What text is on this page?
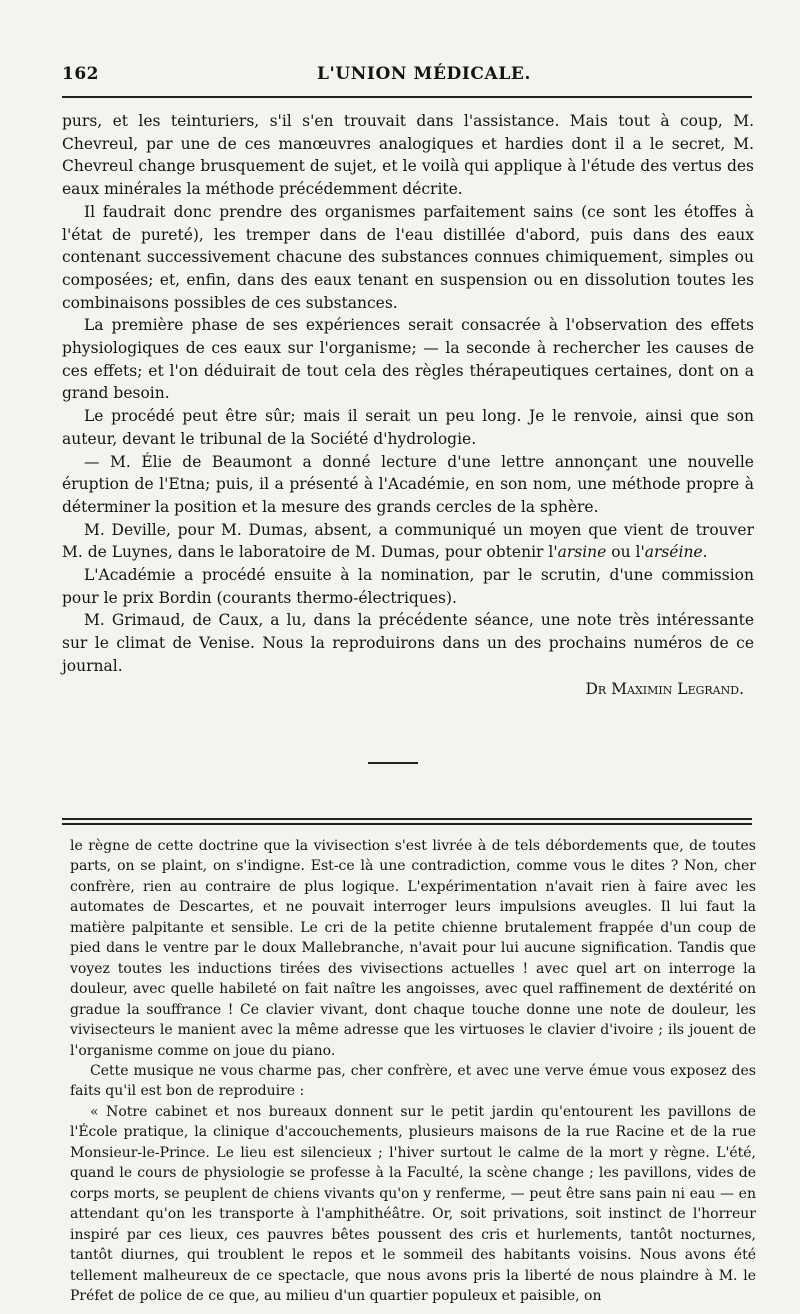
162	L'UNION MÉDICALE.

purs, et les teinturiers, s'il s'en trouvait dans l'assistance. Mais tout à coup, M. Chevreul, par une de ces manœuvres analogiques et hardies dont il a le secret, M. Chevreul change brusquement de sujet, et le voilà qui applique à l'étude des vertus des eaux minérales la méthode précédemment décrite.

Il faudrait donc prendre des organismes parfaitement sains (ce sont les étoffes à l'état de pureté), les tremper dans de l'eau distillée d'abord, puis dans des eaux contenant successivement chacune des substances connues chimiquement, simples ou composées; et, enfin, dans des eaux tenant en suspension ou en dissolution toutes les combinaisons possibles de ces substances.

La première phase de ses expériences serait consacrée à l'observation des effets physiologiques de ces eaux sur l'organisme; — la seconde à rechercher les causes de ces effets; et l'on déduirait de tout cela des règles thérapeutiques certaines, dont on a grand besoin.

Le procédé peut être sûr; mais il serait un peu long. Je le renvoie, ainsi que son auteur, devant le tribunal de la Société d'hydrologie.

— M. Élie de Beaumont a donné lecture d'une lettre annonçant une nouvelle éruption de l'Etna; puis, il a présenté à l'Académie, en son nom, une méthode propre à déterminer la position et la mesure des grands cercles de la sphère.

M. Deville, pour M. Dumas, absent, a communiqué un moyen que vient de trouver M. de Luynes, dans le laboratoire de M. Dumas, pour obtenir l'arsine ou l'arséine.

L'Académie a procédé ensuite à la nomination, par le scrutin, d'une commission pour le prix Bordin (courants thermo-électriques).

M. Grimaud, de Caux, a lu, dans la précédente séance, une note très intéressante sur le climat de Venise. Nous la reproduirons dans un des prochains numéros de ce journal.

Dr Maximin Legrand.

le règne de cette doctrine que la vivisection s'est livrée à de tels débordements que, de toutes parts, on se plaint, on s'indigne. Est-ce là une contradiction, comme vous le dites ? Non, cher confrère, rien au contraire de plus logique. L'expérimentation n'avait rien à faire avec les automates de Descartes, et ne pouvait interroger leurs impulsions aveugles. Il lui faut la matière palpitante et sensible. Le cri de la petite chienne brutalement frappée d'un coup de pied dans le ventre par le doux Mallebranche, n'avait pour lui aucune signification. Tandis que voyez toutes les inductions tirées des vivisections actuelles ! avec quel art on interroge la douleur, avec quelle habileté on fait naître les angoisses, avec quel raffinement de dextérité on gradue la souffrance ! Ce clavier vivant, dont chaque touche donne une note de douleur, les vivisecteurs le manient avec la même adresse que les virtuoses le clavier d'ivoire ; ils jouent de l'organisme comme on joue du piano.

Cette musique ne vous charme pas, cher confrère, et avec une verve émue vous exposez des faits qu'il est bon de reproduire :

« Notre cabinet et nos bureaux donnent sur le petit jardin qu'entourent les pavillons de l'École pratique, la clinique d'accouchements, plusieurs maisons de la rue Racine et de la rue Monsieur-le-Prince. Le lieu est silencieux ; l'hiver surtout le calme de la mort y règne. L'été, quand le cours de physiologie se professe à la Faculté, la scène change ; les pavillons, vides de corps morts, se peuplent de chiens vivants qu'on y renferme, — peut être sans pain ni eau — en attendant qu'on les transporte à l'amphithéâtre. Or, soit privations, soit instinct de l'horreur inspiré par ces lieux, ces pauvres bêtes poussent des cris et hurlements, tantôt nocturnes, tantôt diurnes, qui troublent le repos et le sommeil des habitants voisins. Nous avons été tellement malheureux de ce spectacle, que nous avons pris la liberté de nous plaindre à M. le Préfet de police de ce que, au milieu d'un quartier populeux et paisible, on
